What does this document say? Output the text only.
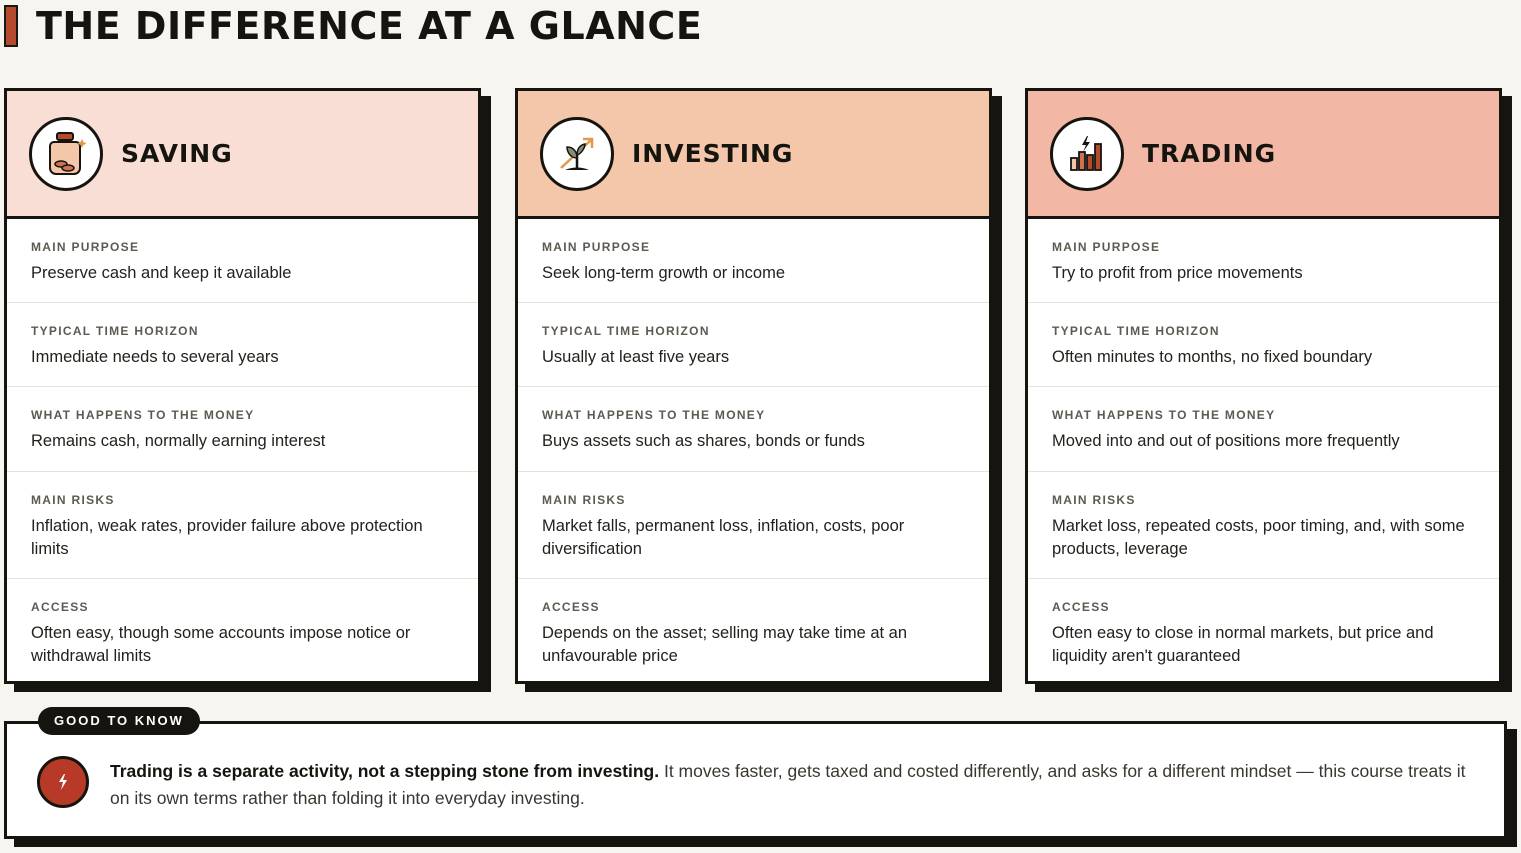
THE DIFFERENCE AT A GLANCE
SAVING
MAIN PURPOSE
Preserve cash and keep it available
TYPICAL TIME HORIZON
Immediate needs to several years
WHAT HAPPENS TO THE MONEY
Remains cash, normally earning interest
MAIN RISKS
Inflation, weak rates, provider failure above protection limits
ACCESS
Often easy, though some accounts impose notice or withdrawal limits
INVESTING
MAIN PURPOSE
Seek long-term growth or income
TYPICAL TIME HORIZON
Usually at least five years
WHAT HAPPENS TO THE MONEY
Buys assets such as shares, bonds or funds
MAIN RISKS
Market falls, permanent loss, inflation, costs, poor diversification
ACCESS
Depends on the asset; selling may take time at an unfavourable price
TRADING
MAIN PURPOSE
Try to profit from price movements
TYPICAL TIME HORIZON
Often minutes to months, no fixed boundary
WHAT HAPPENS TO THE MONEY
Moved into and out of positions more frequently
MAIN RISKS
Market loss, repeated costs, poor timing, and, with some products, leverage
ACCESS
Often easy to close in normal markets, but price and liquidity aren't guaranteed
GOOD TO KNOW
Trading is a separate activity, not a stepping stone from investing. It moves faster, gets taxed and costed differently, and asks for a different mindset — this course treats it on its own terms rather than folding it into everyday investing.
